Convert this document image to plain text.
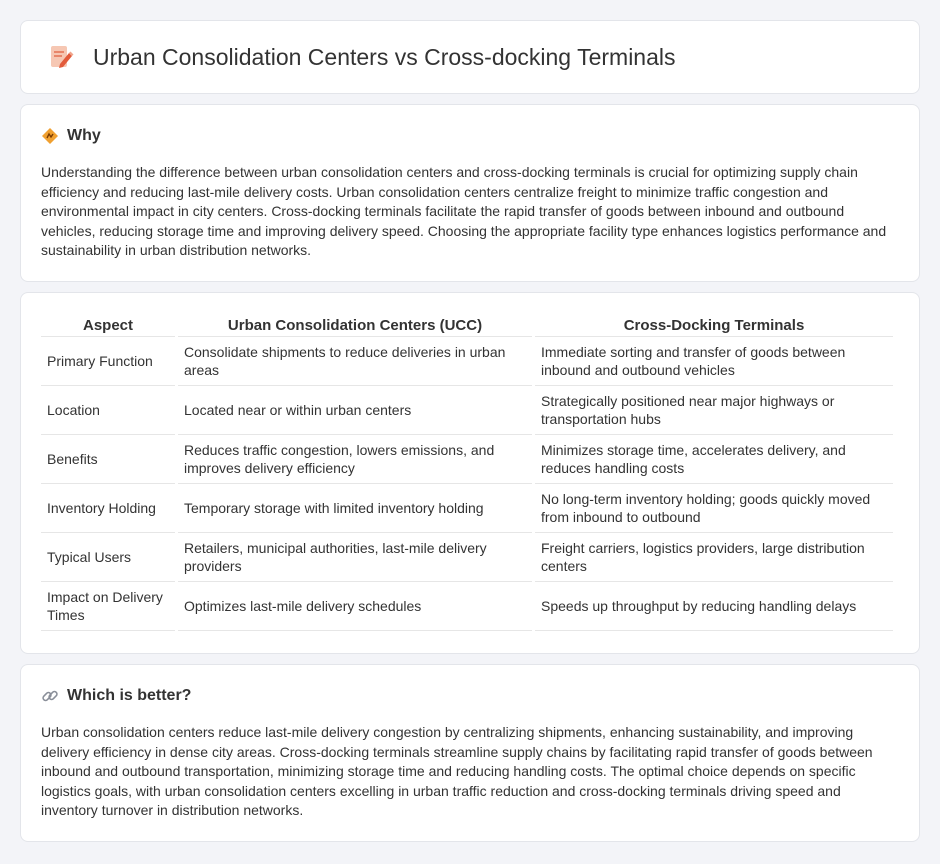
Urban Consolidation Centers vs Cross-docking Terminals
Why

Understanding the difference between urban consolidation centers and cross-docking terminals is crucial for optimizing supply chain efficiency and reducing last-mile delivery costs. Urban consolidation centers centralize freight to minimize traffic congestion and environmental impact in city centers. Cross-docking terminals facilitate the rapid transfer of goods between inbound and outbound vehicles, reducing storage time and improving delivery speed. Choosing the appropriate facility type enhances logistics performance and sustainability in urban distribution networks.

Aspect	Urban Consolidation Centers (UCC)	Cross-Docking Terminals
Primary Function	Consolidate shipments to reduce deliveries in urban areas	Immediate sorting and transfer of goods between inbound and outbound vehicles
Location	Located near or within urban centers	Strategically positioned near major highways or transportation hubs
Benefits	Reduces traffic congestion, lowers emissions, and improves delivery efficiency	Minimizes storage time, accelerates delivery, and reduces handling costs
Inventory Holding	Temporary storage with limited inventory holding	No long-term inventory holding; goods quickly moved from inbound to outbound
Typical Users	Retailers, municipal authorities, last-mile delivery providers	Freight carriers, logistics providers, large distribution centers
Impact on Delivery Times	Optimizes last-mile delivery schedules	Speeds up throughput by reducing handling delays
Which is better?

Urban consolidation centers reduce last-mile delivery congestion by centralizing shipments, enhancing sustainability, and improving delivery efficiency in dense city areas. Cross-docking terminals streamline supply chains by facilitating rapid transfer of goods between inbound and outbound transportation, minimizing storage time and reducing handling costs. The optimal choice depends on specific logistics goals, with urban consolidation centers excelling in urban traffic reduction and cross-docking terminals driving speed and inventory turnover in distribution networks.
